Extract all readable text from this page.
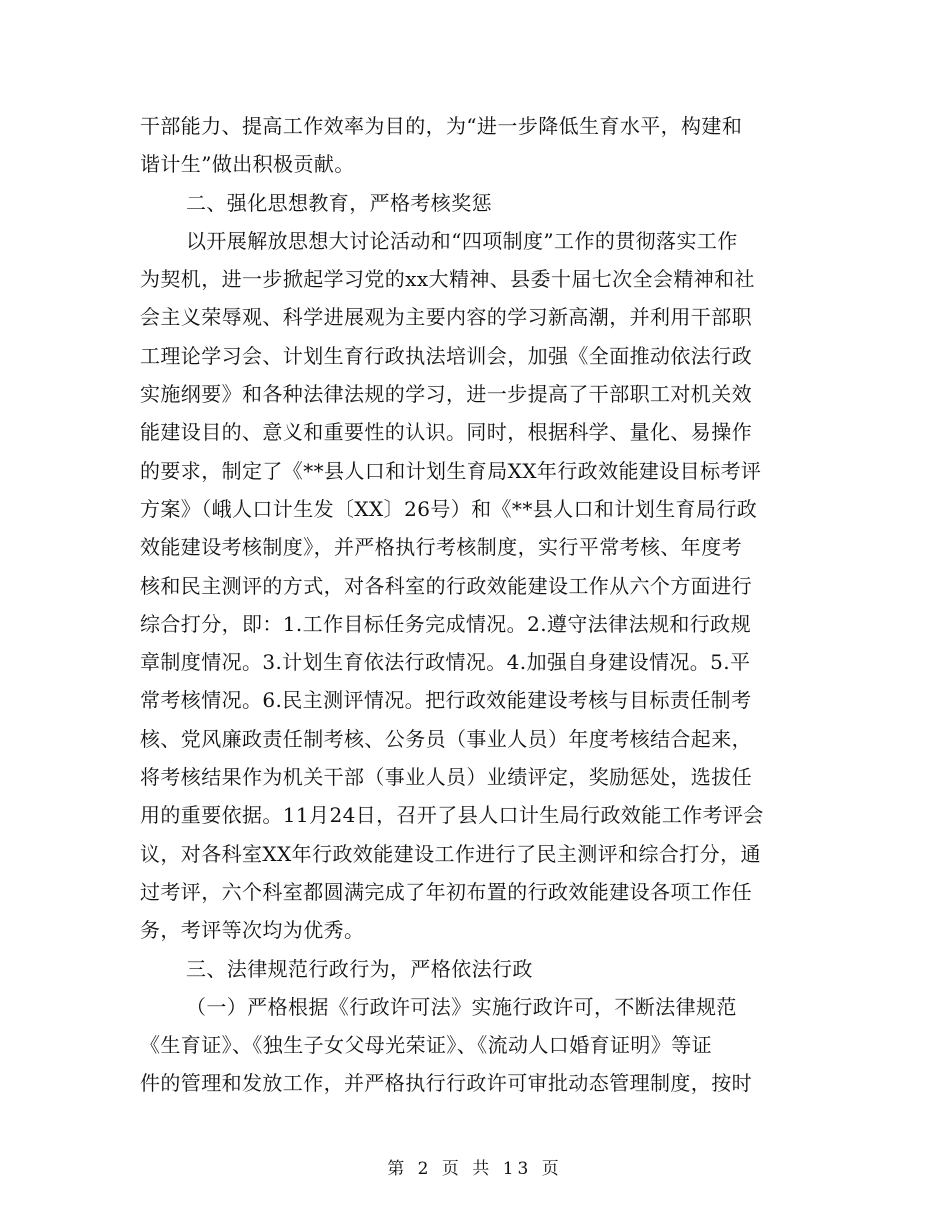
干部能力、提高工作效率为目的，为“进一步降低生育水平，构建和
谐计生”做出积极贡献。
二、强化思想教育，严格考核奖惩
以开展解放思想大讨论活动和“四项制度”工作的贯彻落实工作
为契机，进一步掀起学习党的xx大精神、县委十届七次全会精神和社
会主义荣辱观、科学进展观为主要内容的学习新高潮，并利用干部职
工理论学习会、计划生育行政执法培训会，加强《全面推动依法行政
实施纲要》和各种法律法规的学习，进一步提高了干部职工对机关效
能建设目的、意义和重要性的认识。同时，根据科学、量化、易操作
的要求，制定了《**县人口和计划生育局XX年行政效能建设目标考评
方案》（峨人口计生发〔XX〕26号）和《**县人口和计划生育局行政
效能建设考核制度》，并严格执行考核制度，实行平常考核、年度考
核和民主测评的方式，对各科室的行政效能建设工作从六个方面进行
综合打分，即：1.工作目标任务完成情况。2.遵守法律法规和行政规
章制度情况。3.计划生育依法行政情况。4.加强自身建设情况。5.平
常考核情况。6.民主测评情况。把行政效能建设考核与目标责任制考
核、党风廉政责任制考核、公务员（事业人员）年度考核结合起来，
将考核结果作为机关干部（事业人员）业绩评定，奖励惩处，选拔任
用的重要依据。11月24日，召开了县人口计生局行政效能工作考评会
议，对各科室XX年行政效能建设工作进行了民主测评和综合打分，通
过考评，六个科室都圆满完成了年初布置的行政效能建设各项工作任
务，考评等次均为优秀。
三、法律规范行政行为，严格依法行政
（一）严格根据《行政许可法》实施行政许可，不断法律规范
《生育证》、《独生子女父母光荣证》、《流动人口婚育证明》等证
件的管理和发放工作，并严格执行行政许可审批动态管理制度，按时
第 2 页 共 13 页
